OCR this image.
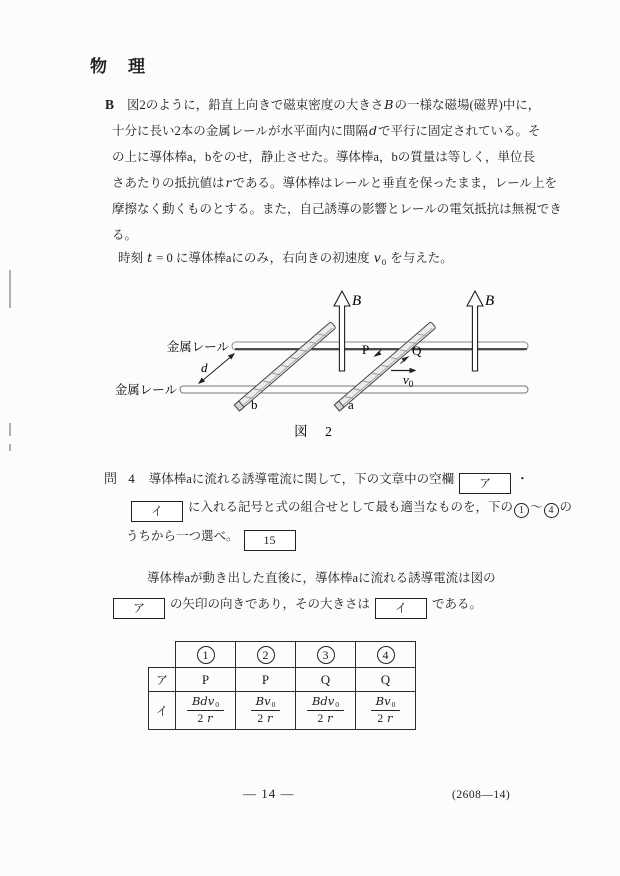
物　理
B 図2のように，鉛直上向きで磁束密度の大きさBの一様な磁場(磁界)中に，
十分に長い2本の金属レールが水平面内に間隔dで平行に固定されている。そ
の上に導体棒a，bをのせ，静止させた。導体棒a，bの質量は等しく，単位長
さあたりの抵抗値はrである。導体棒はレールと垂直を保ったまま，レール上を
摩擦なく動くものとする。また，自己誘導の影響とレールの電気抵抗は無視でき
る。
時刻 t = 0 に導体棒aにのみ，右向きの初速度 $v_0$ を与えた。
金属レール
金属レール
d
b	a
B	B
P	Q
v0
図　2
問 4 導体棒aに流れる誘導電流に関して，下の文章中の空欄 ア ・
イ に入れる記号と式の組合せとして最も適当なものを，下の 1 〜 4 の
うちから一つ選べ。 15
導体棒aが動き出した直後に，導体棒aに流れる誘導電流は図の
ア の矢印の向きであり，その大きさは イ である。
	1	2	3	4
ア	P	P	Q	Q
イ	$\frac{\text{Bdv0}}{2 r}$	$\frac{Bv0}{2 r}$	$\frac{\text{Bdv0}}{2 r}$	$\frac{Bv0}{2 r}$
— 14 —	(2608—14)
